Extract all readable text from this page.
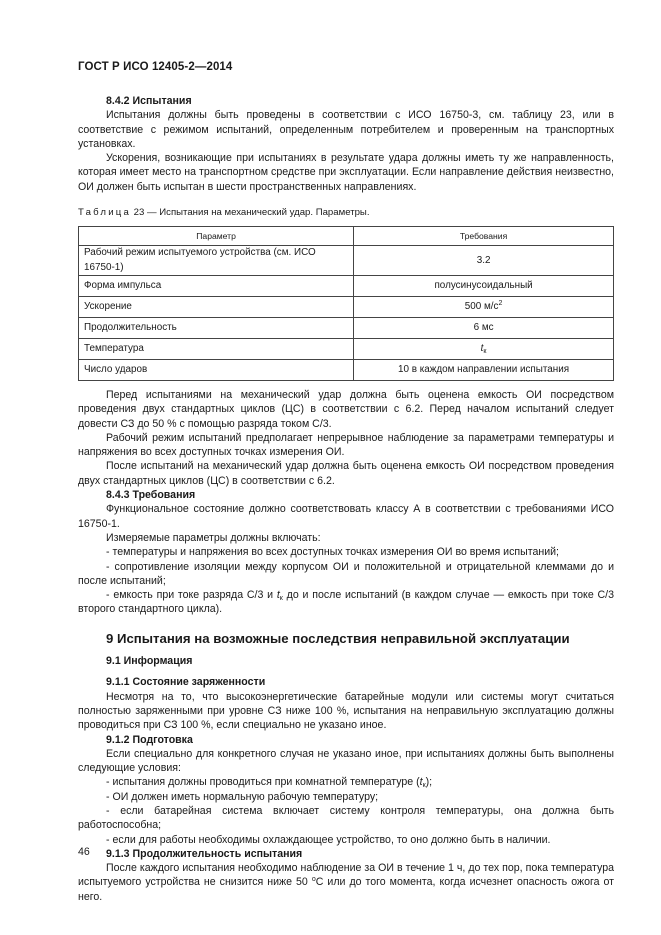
ГОСТ Р ИСО 12405-2—2014

8.4.2 Испытания

Испытания должны быть проведены в соответствии с ИСО 16750-3, см. таблицу 23, или в соответствие с режимом испытаний, определенным потребителем и проверенным на транспортных установках.

Ускорения, возникающие при испытаниях в результате удара должны иметь ту же направленность, которая имеет место на транспортном средстве при эксплуатации. Если направление действия неизвестно, ОИ должен быть испытан в шести пространственных направлениях.

Таблица 23 — Испытания на механический удар. Параметры.

Параметр	Требования
Рабочий режим испытуемого устройства (см. ИСО 16750-1)	3.2
Форма импульса	полусинусоидальный
Ускорение	500 $м/с^2$
Продолжительность	6 мс
Температура	$t_к$
Число ударов	10 в каждом направлении испытания

Перед испытаниями на механический удар должна быть оценена емкость ОИ посредством проведения двух стандартных циклов (ЦС) в соответствии с 6.2. Перед началом испытаний следует довести СЗ до 50 % с помощью разряда током С/3.

Рабочий режим испытаний предполагает непрерывное наблюдение за параметрами температуры и напряжения во всех доступных точках измерения ОИ.

После испытаний на механический удар должна быть оценена емкость ОИ посредством проведения двух стандартных циклов (ЦС) в соответствии с 6.2.

8.4.3 Требования

Функциональное состояние должно соответствовать классу А в соответствии с требованиями ИСО 16750-1.

Измеряемые параметры должны включать:

- температуры и напряжения во всех доступных точках измерения ОИ во время испытаний;

- сопротивление изоляции между корпусом ОИ и положительной и отрицательной клеммами до и после испытаний;

- емкость при токе разряда С/3 и $t_к$ до и после испытаний (в каждом случае — емкость при токе С/3 второго стандартного цикла).

9 Испытания на возможные последствия неправильной эксплуатации

9.1 Информация

9.1.1 Состояние заряженности

Несмотря на то, что высокоэнергетические батарейные модули или системы могут считаться полностью заряженными при уровне СЗ ниже 100 %, испытания на неправильную эксплуатацию должны проводиться при СЗ 100 %, если специально не указано иное.

9.1.2 Подготовка

Если специально для конкретного случая не указано иное, при испытаниях должны быть выполнены следующие условия:

- испытания должны проводиться при комнатной температуре $(t_к)$;

- ОИ должен иметь нормальную рабочую температуру;

- если батарейная система включает систему контроля температуры, она должна быть работоспособна;

- если для работы необходимы охлаждающее устройство, то оно должно быть в наличии.

9.1.3 Продолжительность испытания

После каждого испытания необходимо наблюдение за ОИ в течение 1 ч, до тех пор, пока температура испытуемого устройства не снизится ниже 50 $^о$С или до того момента, когда исчезнет опасность ожога от него.

46
